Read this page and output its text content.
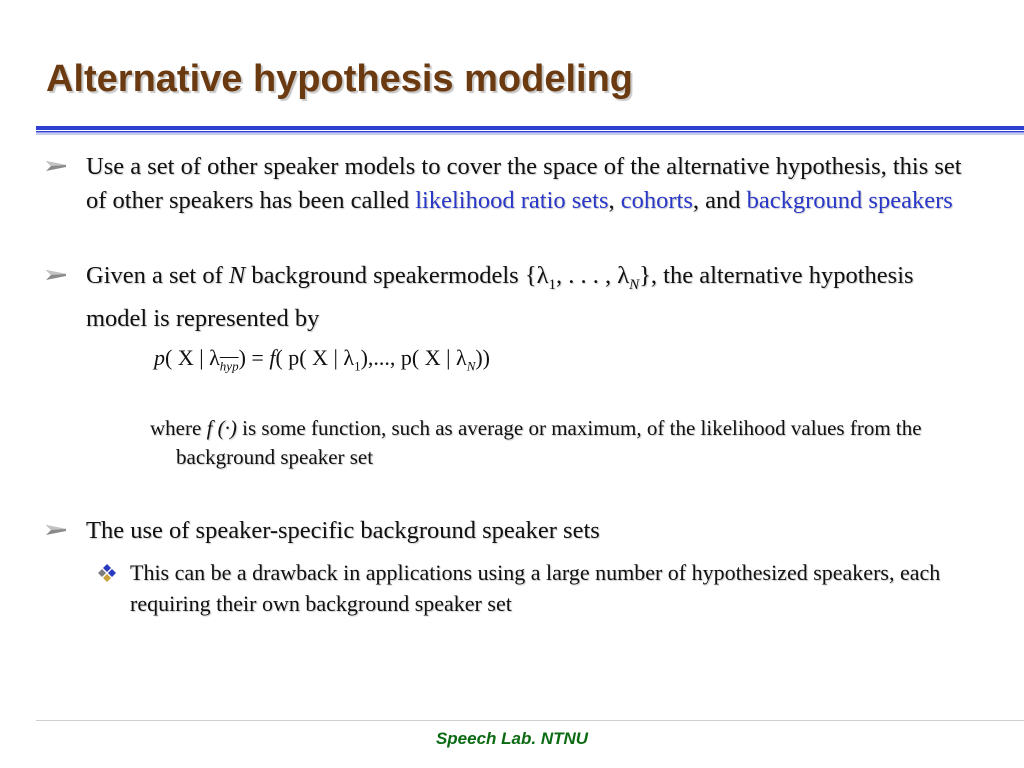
Alternative hypothesis modeling
Use a set of other speaker models to cover the space of the alternative hypothesis, this set of other speakers has been called likelihood ratio sets, cohorts, and background speakers
Given a set of N background speakermodels {$\lambda_1$, . . . , $\lambda_N$}, the alternative hypothesis model is represented by
p( X | $\lambda_{\overline{hyp}}) = f$( p( X | $\lambda_1$),..., p( X | $\lambda_N$))
where f (·) is some function, such as average or maximum, of the likelihood values from the background speaker set
The use of speaker-specific background speaker sets
This can be a drawback in applications using a large number of hypothesized speakers, each requiring their own background speaker set
Speech Lab. NTNU
